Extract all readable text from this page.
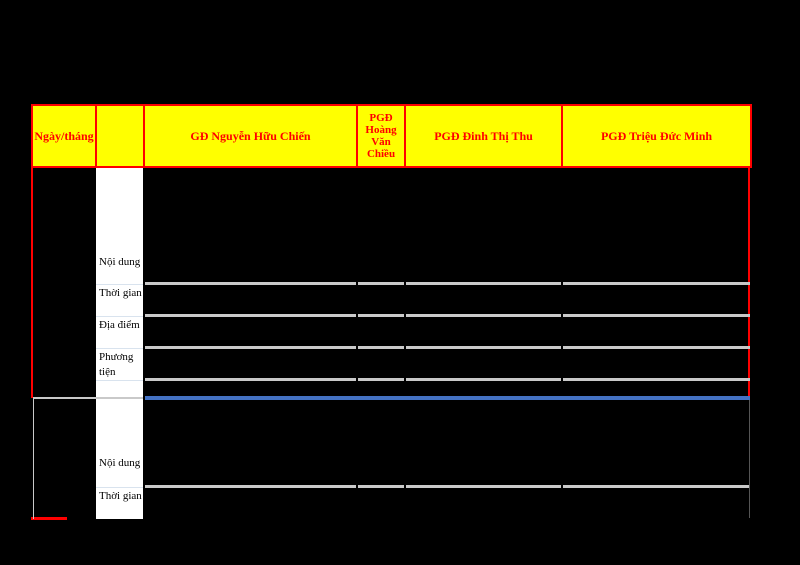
Ngày/tháng	GĐ Nguyễn Hữu Chiến
PGĐ Hoàng Văn Chiều
PGĐ Đinh Thị Thu	PGĐ Triệu Đức Minh
Nội dung
Thời gian
Địa điểm
Phương tiện
Nội dung
Thời gian
